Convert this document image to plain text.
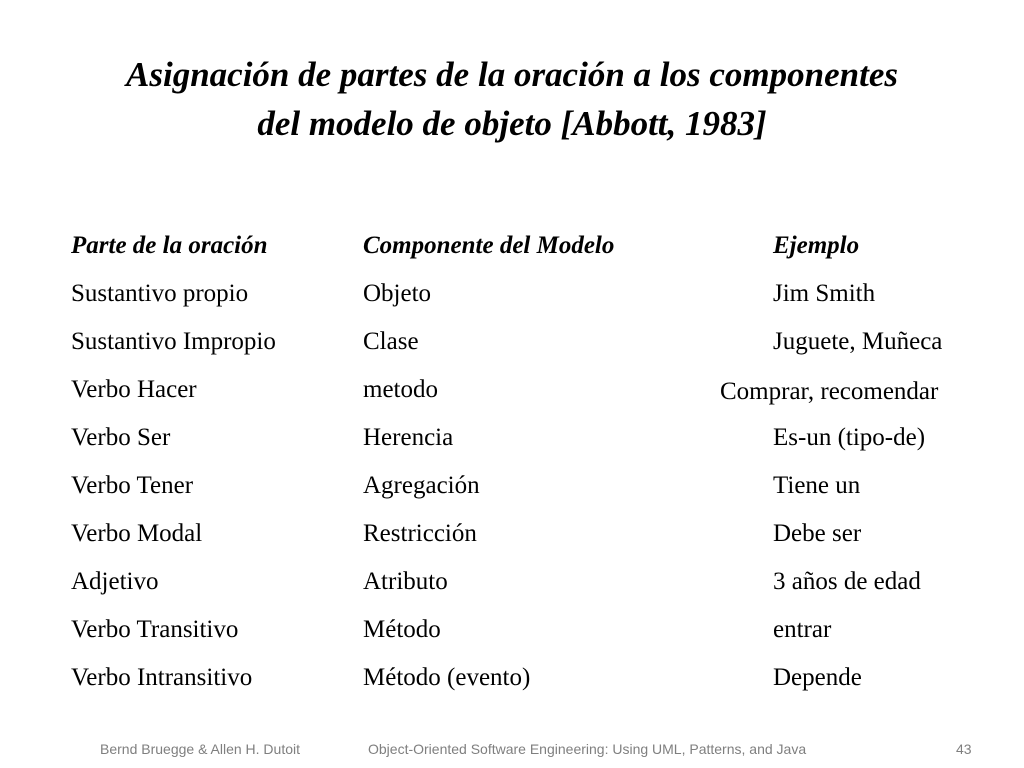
Asignación de partes de la oración a los componentes
del modelo de objeto [Abbott, 1983]
Parte de la oración	Componente del Modelo	Ejemplo
Sustantivo propio	Objeto	Jim Smith
Sustantivo Impropio	Clase	Juguete, Muñeca
Verbo Hacer	metodo	Comprar, recomendar
Verbo Ser	Herencia	Es-un (tipo-de)
Verbo Tener	Agregación	Tiene un
Verbo Modal	Restricción	Debe ser
Adjetivo	Atributo	3 años de edad
Verbo Transitivo	Método	entrar
Verbo Intransitivo	Método (evento)	Depende
Bernd Bruegge & Allen H. Dutoit	Object-Oriented Software Engineering: Using UML, Patterns, and Java	43
